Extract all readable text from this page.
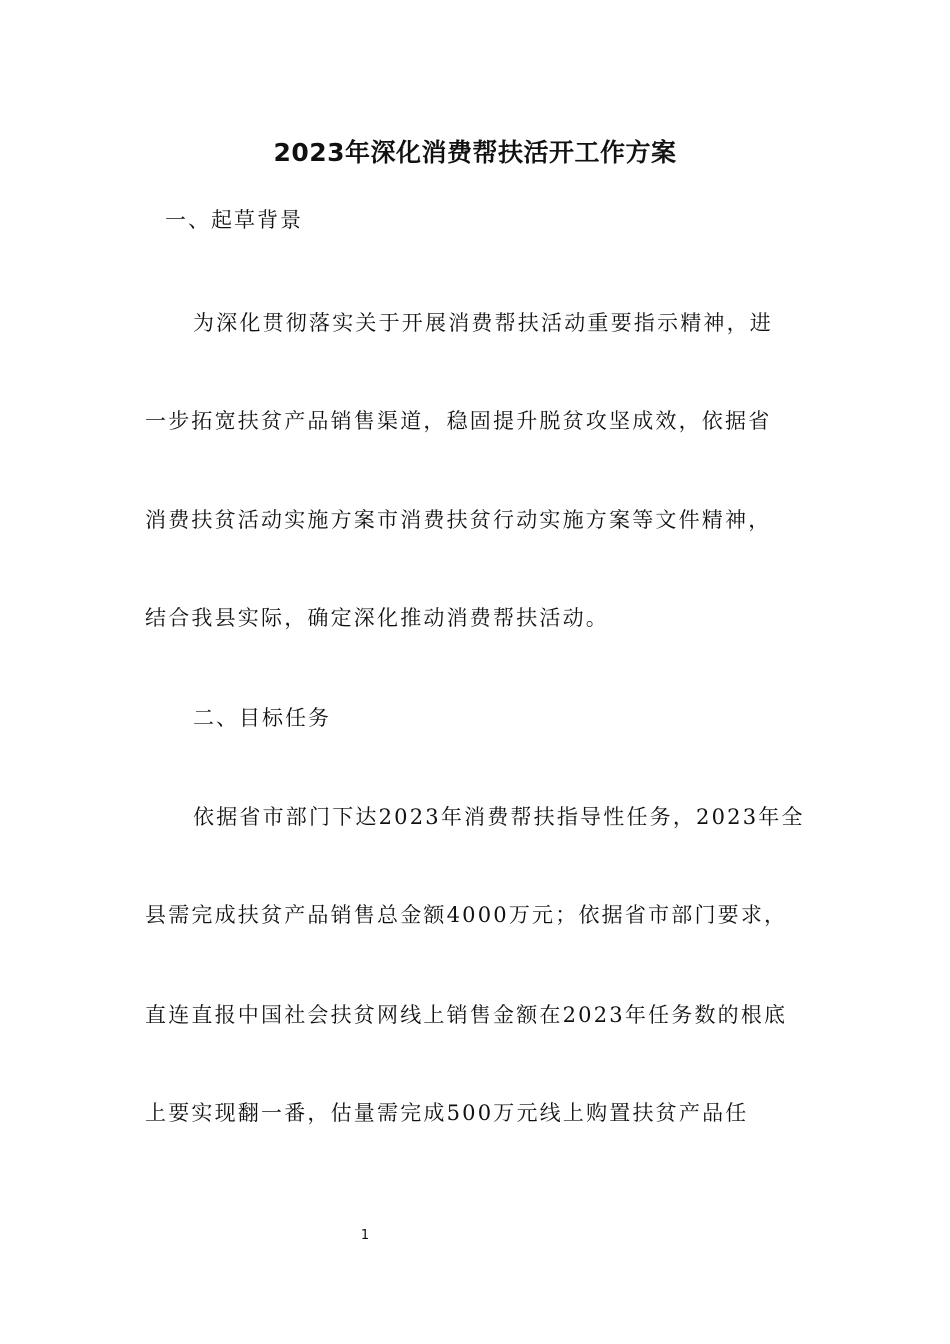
2023年深化消费帮扶活开工作方案
一、起草背景
为深化贯彻落实关于开展消费帮扶活动重要指示精神，进
一步拓宽扶贫产品销售渠道，稳固提升脱贫攻坚成效，依据省
消费扶贫活动实施方案市消费扶贫行动实施方案等文件精神，
结合我县实际，确定深化推动消费帮扶活动。
二、目标任务
依据省市部门下达2023年消费帮扶指导性任务，2023年全
县需完成扶贫产品销售总金额4000万元；依据省市部门要求，
直连直报中国社会扶贫网线上销售金额在2023年任务数的根底
上要实现翻一番，估量需完成500万元线上购置扶贫产品任
1
